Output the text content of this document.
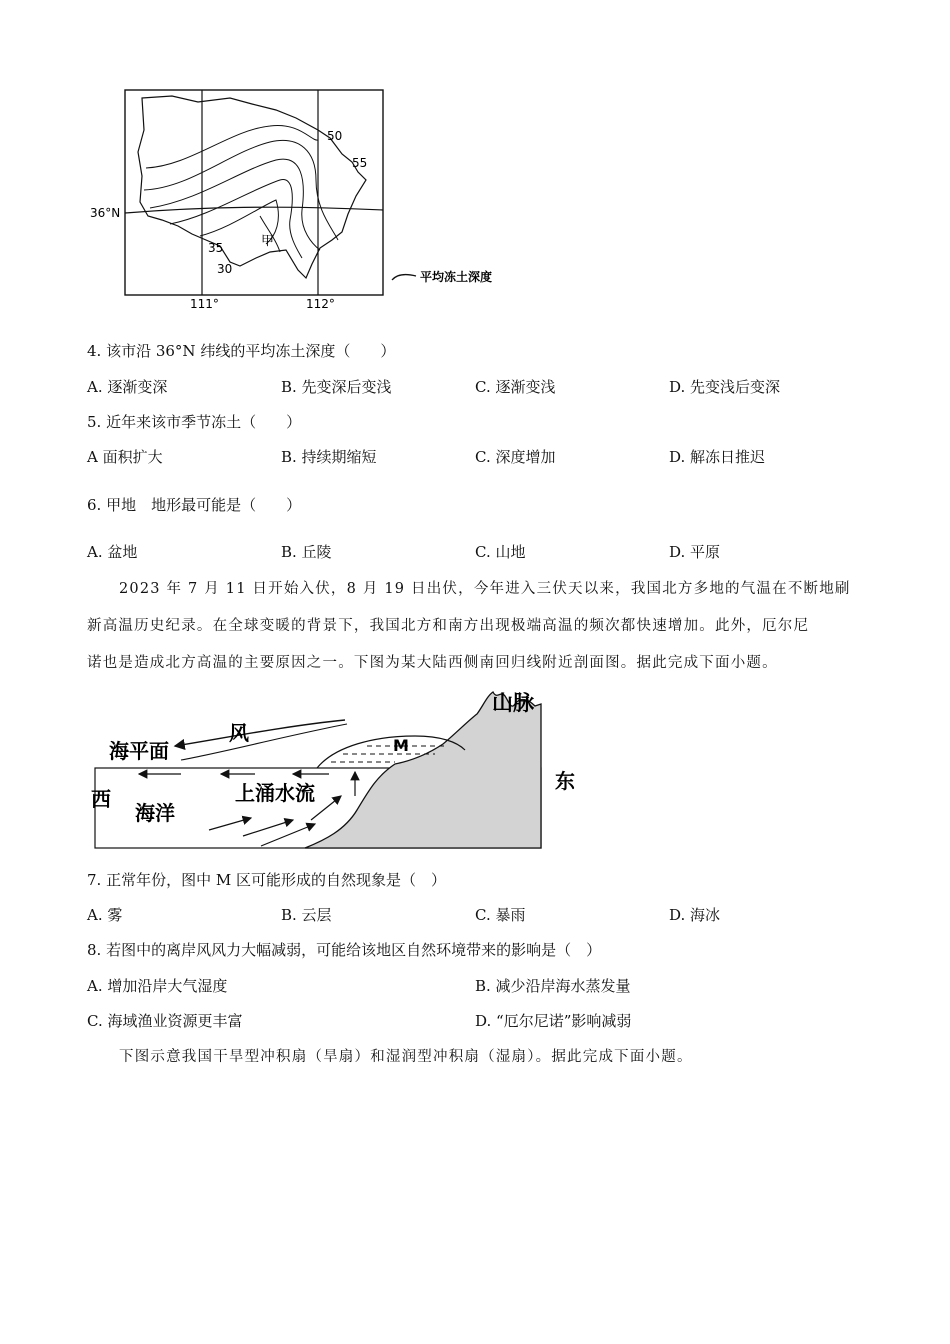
50
55
35
30
甲
36°N
111°	112°
平均冻土深度
4. 该市沿 36°N 纬线的平均冻土深度（　　）
A. 逐渐变深	B. 先变深后变浅	C. 逐渐变浅	D. 先变浅后变深
5. 近年来该市季节冻土（　　）
A 面积扩大	B. 持续期缩短	C. 深度增加	D. 解冻日推迟
6. 甲地　地形最可能是（　　）
A. 盆地	B. 丘陵	C. 山地	D. 平原
2023 年 7 月 11 日开始入伏，8 月 19 日出伏，今年进入三伏天以来，我国北方多地的气温在不断地刷
新高温历史纪录。在全球变暖的背景下，我国北方和南方出现极端高温的频次都快速增加。此外，厄尔尼
诺也是造成北方高温的主要原因之一。下图为某大陆西侧南回归线附近剖面图。据此完成下面小题。
山脉
风
海平面	M
上涌水流
西
东
海洋
7. 正常年份，图中 M 区可能形成的自然现象是（　）
A. 雾	B. 云层	C. 暴雨	D. 海冰
8. 若图中的离岸风风力大幅减弱，可能给该地区自然环境带来的影响是（　）
A. 增加沿岸大气湿度	B. 减少沿岸海水蒸发量
C. 海域渔业资源更丰富	D. “厄尔尼诺”影响减弱
下图示意我国干旱型冲积扇（旱扇）和湿润型冲积扇（湿扇）。据此完成下面小题。
